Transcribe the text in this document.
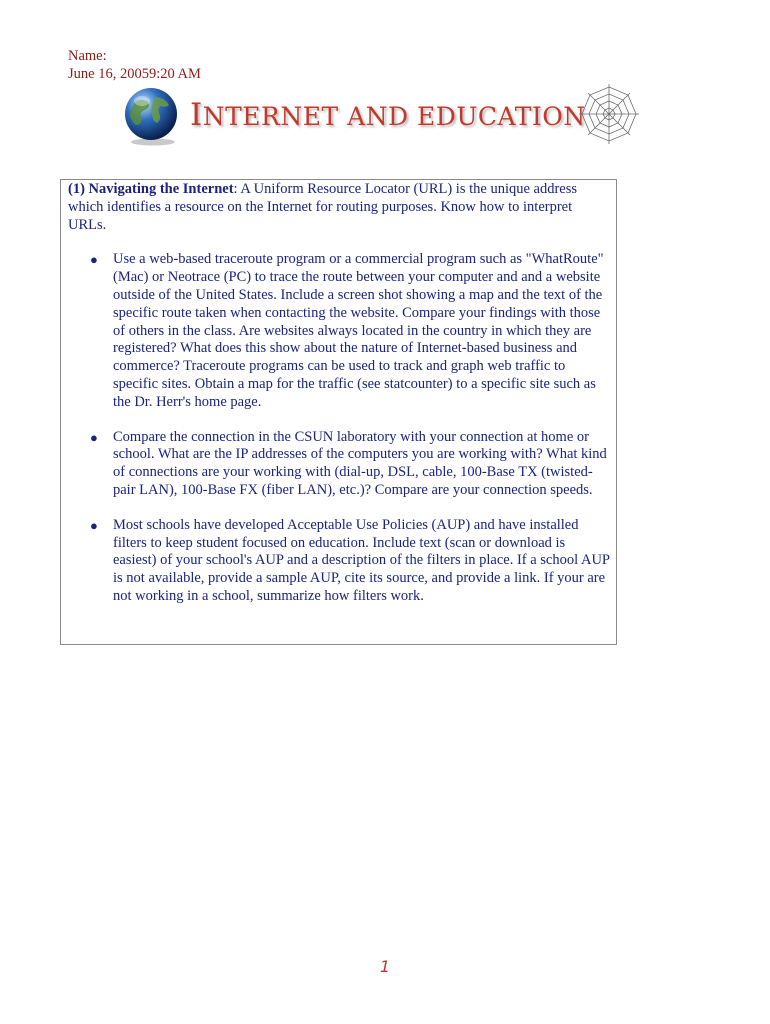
Name:
June 16, 20059:20 AM
INTERNET AND EDUCATION

(1) Navigating the Internet: A Uniform Resource Locator (URL) is the unique address which identifies a resource on the Internet for routing purposes. Know how to interpret URLs.

● Use a web-based traceroute program or a commercial program such as "WhatRoute" (Mac) or Neotrace (PC) to trace the route between your computer and and a website outside of the United States. Include a screen shot showing a map and the text of the specific route taken when contacting the website. Compare your findings with those of others in the class. Are websites always located in the country in which they are registered? What does this show about the nature of Internet-based business and commerce? Traceroute programs can be used to track and graph web traffic to specific sites. Obtain a map for the traffic (see statcounter) to a specific site such as the Dr. Herr's home page.
● Compare the connection in the CSUN laboratory with your connection at home or school. What are the IP addresses of the computers you are working with? What kind of connections are your working with (dial-up, DSL, cable, 100-Base TX (twisted-pair LAN), 100-Base FX (fiber LAN), etc.)? Compare are your connection speeds.
● Most schools have developed Acceptable Use Policies (AUP) and have installed filters to keep student focused on education. Include text (scan or download is easiest) of your school's AUP and a description of the filters in place. If a school AUP is not available, provide a sample AUP, cite its source, and provide a link. If your are not working in a school, summarize how filters work.
1
